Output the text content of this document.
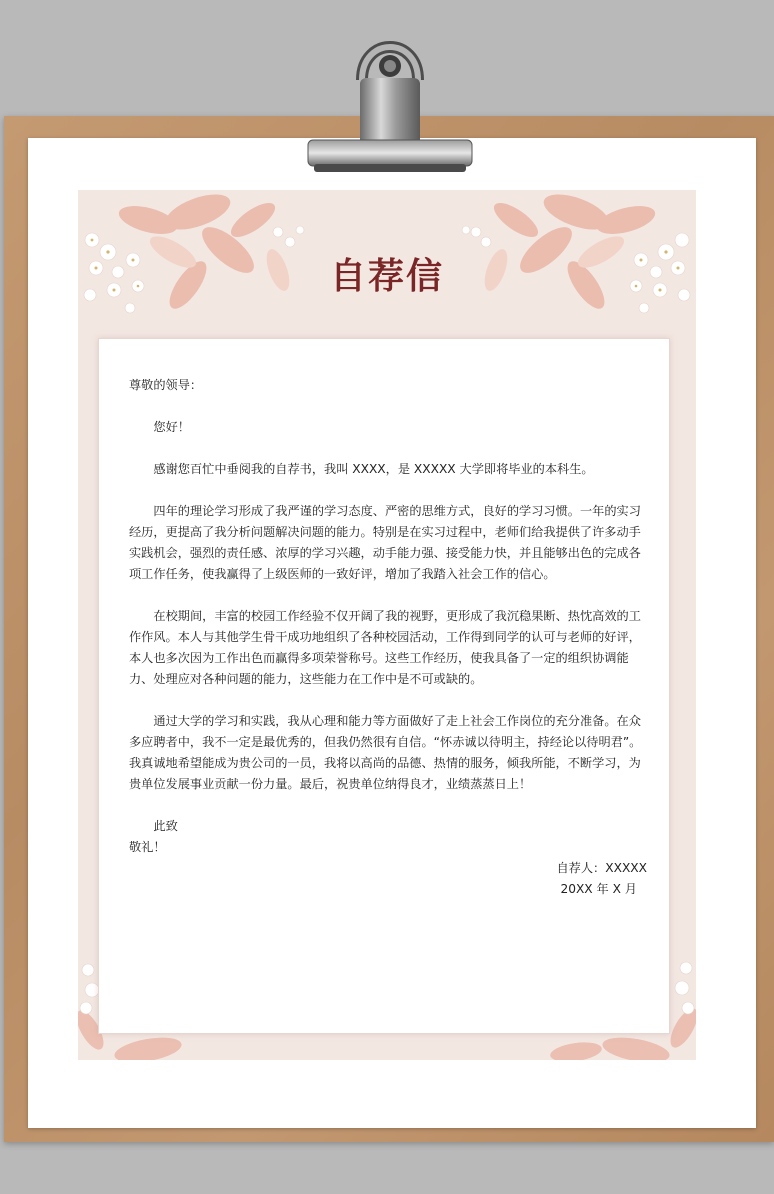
自荐信

尊敬的领导：

您好！

感谢您百忙中垂阅我的自荐书，我叫 XXXX，是 XXXXX 大学即将毕业的本科生。

四年的理论学习形成了我严谨的学习态度、严密的思维方式，良好的学习习惯。一年的实习经历，更提高了我分析问题解决问题的能力。特别是在实习过程中，老师们给我提供了许多动手实践机会，强烈的责任感、浓厚的学习兴趣，动手能力强、接受能力快，并且能够出色的完成各项工作任务，使我赢得了上级医师的一致好评，增加了我踏入社会工作的信心。

在校期间，丰富的校园工作经验不仅开阔了我的视野，更形成了我沉稳果断、热忱高效的工作作风。本人与其他学生骨干成功地组织了各种校园活动，工作得到同学的认可与老师的好评，本人也多次因为工作出色而赢得多项荣誉称号。这些工作经历，使我具备了一定的组织协调能力、处理应对各种问题的能力，这些能力在工作中是不可或缺的。

通过大学的学习和实践，我从心理和能力等方面做好了走上社会工作岗位的充分准备。在众多应聘者中，我不一定是最优秀的，但我仍然很有自信。“怀赤诚以待明主，持经论以待明君”。我真诚地希望能成为贵公司的一员，我将以高尚的品德、热情的服务，倾我所能，不断学习，为贵单位发展事业贡献一份力量。最后，祝贵单位纳得良才，业绩蒸蒸日上！

此致

敬礼！

自荐人：XXXXX

20XX 年 X 月
